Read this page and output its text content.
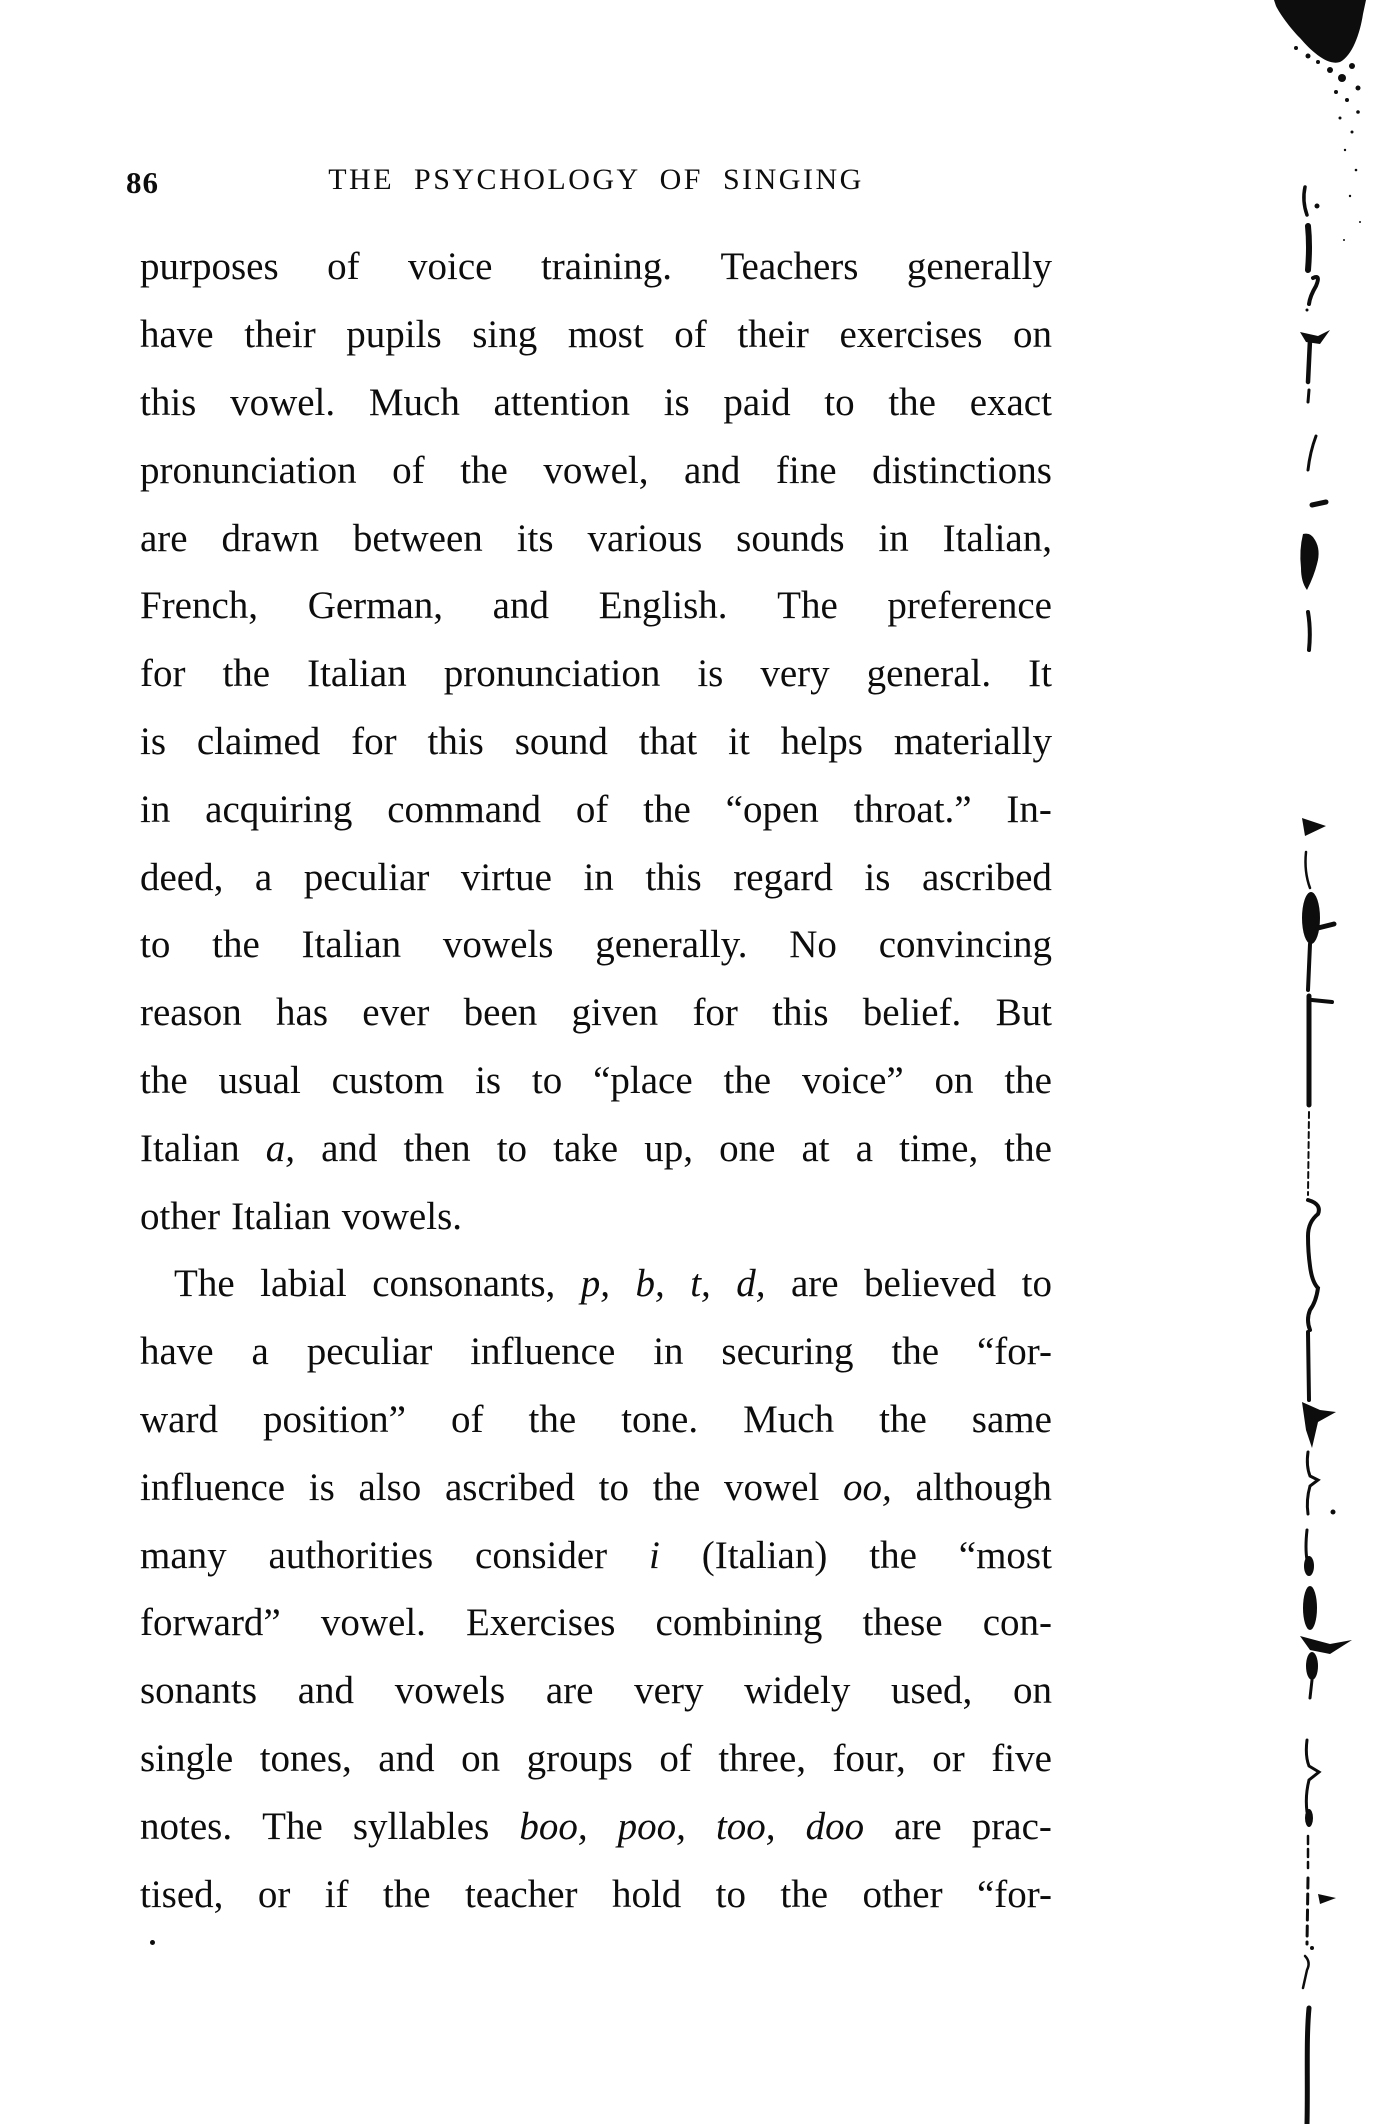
86	THE PSYCHOLOGY OF SINGING
purposes of voice training. Teachers generally
have their pupils sing most of their exercises on
this vowel. Much attention is paid to the exact
pronunciation of the vowel, and fine distinctions
are drawn between its various sounds in Italian,
French, German, and English. The preference
for the Italian pronunciation is very general. It
is claimed for this sound that it helps materially
in acquiring command of the “open throat.” In-
deed, a peculiar virtue in this regard is ascribed
to the Italian vowels generally. No convincing
reason has ever been given for this belief. But
the usual custom is to “place the voice” on the
Italian a, and then to take up, one at a time, the
other Italian vowels.
The labial consonants, p, b, t, d, are believed to
have a peculiar influence in securing the “for-
ward position” of the tone. Much the same
influence is also ascribed to the vowel oo, although
many authorities consider i (Italian) the “most
forward” vowel. Exercises combining these con-
sonants and vowels are very widely used, on
single tones, and on groups of three, four, or five
notes. The syllables boo, poo, too, doo are prac-
tised, or if the teacher hold to the other “for-
